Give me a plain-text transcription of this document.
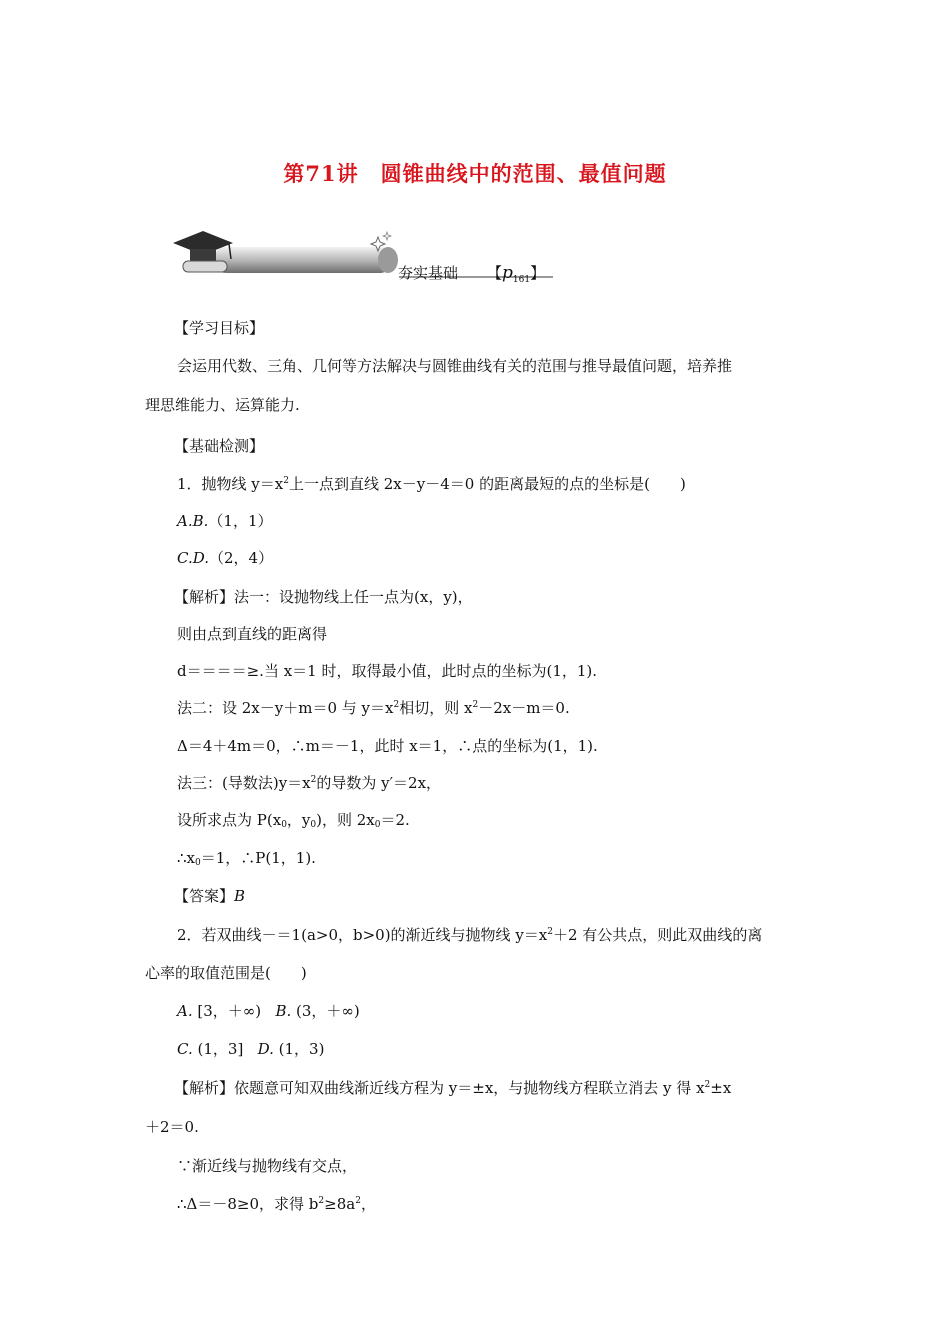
第71讲　圆锥曲线中的范围、最值问题
夯实基础 【$p_{161}$】
【学习目标】
会运用代数、三角、几何等方法解决与圆锥曲线有关的范围与推导最值问题，培养推
理思维能力、运算能力.
【基础检测】
1．抛物线 $y=x^2$上一点到直线 2x－y－4＝0 的距离最短的点的坐标是(　　)
A.B.（1，1）
C.D.（2，4）
【解析】法一：设抛物线上任一点为(x，y)，
则由点到直线的距离得
d＝＝＝＝≥.当 x＝1 时，取得最小值，此时点的坐标为(1，1).
法二：设 2x－y＋m＝0 与 $y=x^2$相切，则 $x^2-2x-m=0$.
Δ＝4＋4m＝0，∴m＝－1，此时 x＝1，∴点的坐标为(1，1).
法三：(导数法)$y=x^2$的导数为 y′＝2x，
设所求点为 $P(x_0$，$y_0$)，则 $2x_0=2$.
$\therefore x_0=1$，∴P(1，1).
【答案】B
2．若双曲线－＝1(a>0，b>0)的渐近线与抛物线 $y=x^2+2$ 有公共点，则此双曲线的离
心率的取值范围是(　　)
A. [3，＋∞) B. (3，＋∞)
C. (1，3] D. (1，3)
【解析】依题意可知双曲线渐近线方程为 y＝±x，与抛物线方程联立消去 y 得 $x^2\pm x$
＋2＝0.
∵渐近线与抛物线有交点，
∴Δ＝－8≥0，求得 $b^2\ge 8a^2$，
